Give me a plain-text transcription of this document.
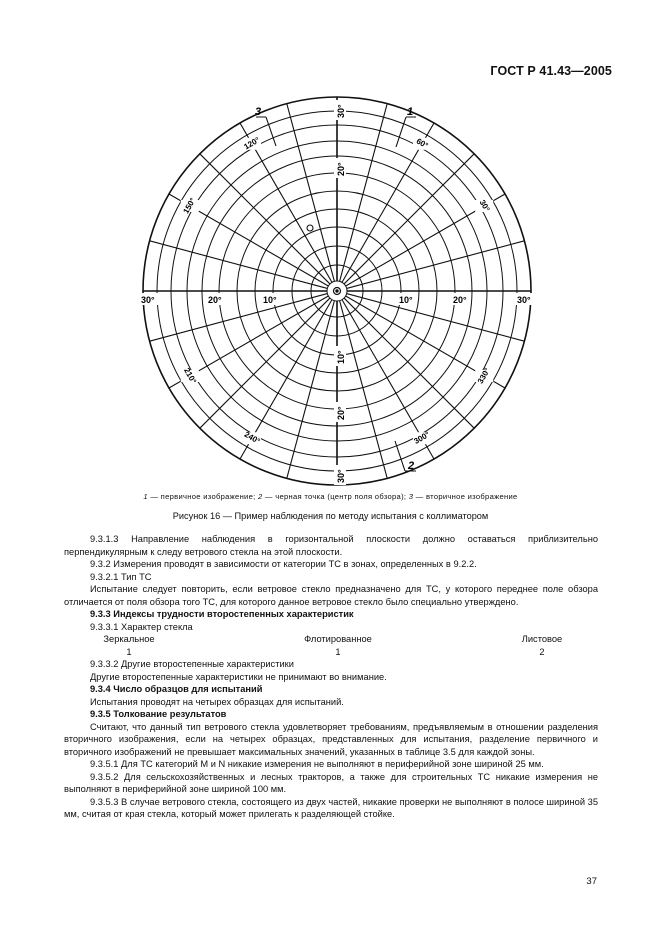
ГОСТ Р 41.43—2005
3	1
2
30°	20°	10°	10°	20°	30°
30°
20°
10°
20°
30°
60°
120°
150°	30°
210°
240°	300°
330°
1 — первичное изображение; 2 — черная точка (центр поля обзора); 3 — вторичное изображение
Рисунок 16 — Пример наблюдения по методу испытания с коллиматором

9.3.1.3 Направление наблюдения в горизонтальной плоскости должно оставаться приблизительно перпендикулярным к следу ветрового стекла на этой плоскости.

9.3.2 Измерения проводят в зависимости от категории ТС в зонах, определенных в 9.2.2.

9.3.2.1 Тип ТС

Испытание следует повторить, если ветровое стекло предназначено для ТС, у которого переднее поле обзора отличается от поля обзора того ТС, для которого данное ветровое стекло было специально утверждено.

9.3.3 Индексы трудности второстепенных характеристик

9.3.3.1 Характер стекла

Зеркальное	Флотированное	Листовое
1	1	2

9.3.3.2 Другие второстепенные характеристики

Другие второстепенные характеристики не принимают во внимание.

9.3.4 Число образцов для испытаний

Испытания проводят на четырех образцах для испытаний.

9.3.5 Толкование результатов

Считают, что данный тип ветрового стекла удовлетворяет требованиям, предъявляемым в отношении разделения вторичного изображения, если на четырех образцах, представленных для испытания, разделение первичного и вторичного изображений не превышает максимальных значений, указанных в таблице 3.5 для каждой зоны.

9.3.5.1 Для ТС категорий М и N никакие измерения не выполняют в периферийной зоне шириной 25 мм.

9.3.5.2 Для сельскохозяйственных и лесных тракторов, а также для строительных ТС никакие измерения не выполняют в периферийной зоне шириной 100 мм.

9.3.5.3 В случае ветрового стекла, состоящего из двух частей, никакие проверки не выполняют в полосе шириной 35 мм, считая от края стекла, который может прилегать к разделяющей стойке.

37
